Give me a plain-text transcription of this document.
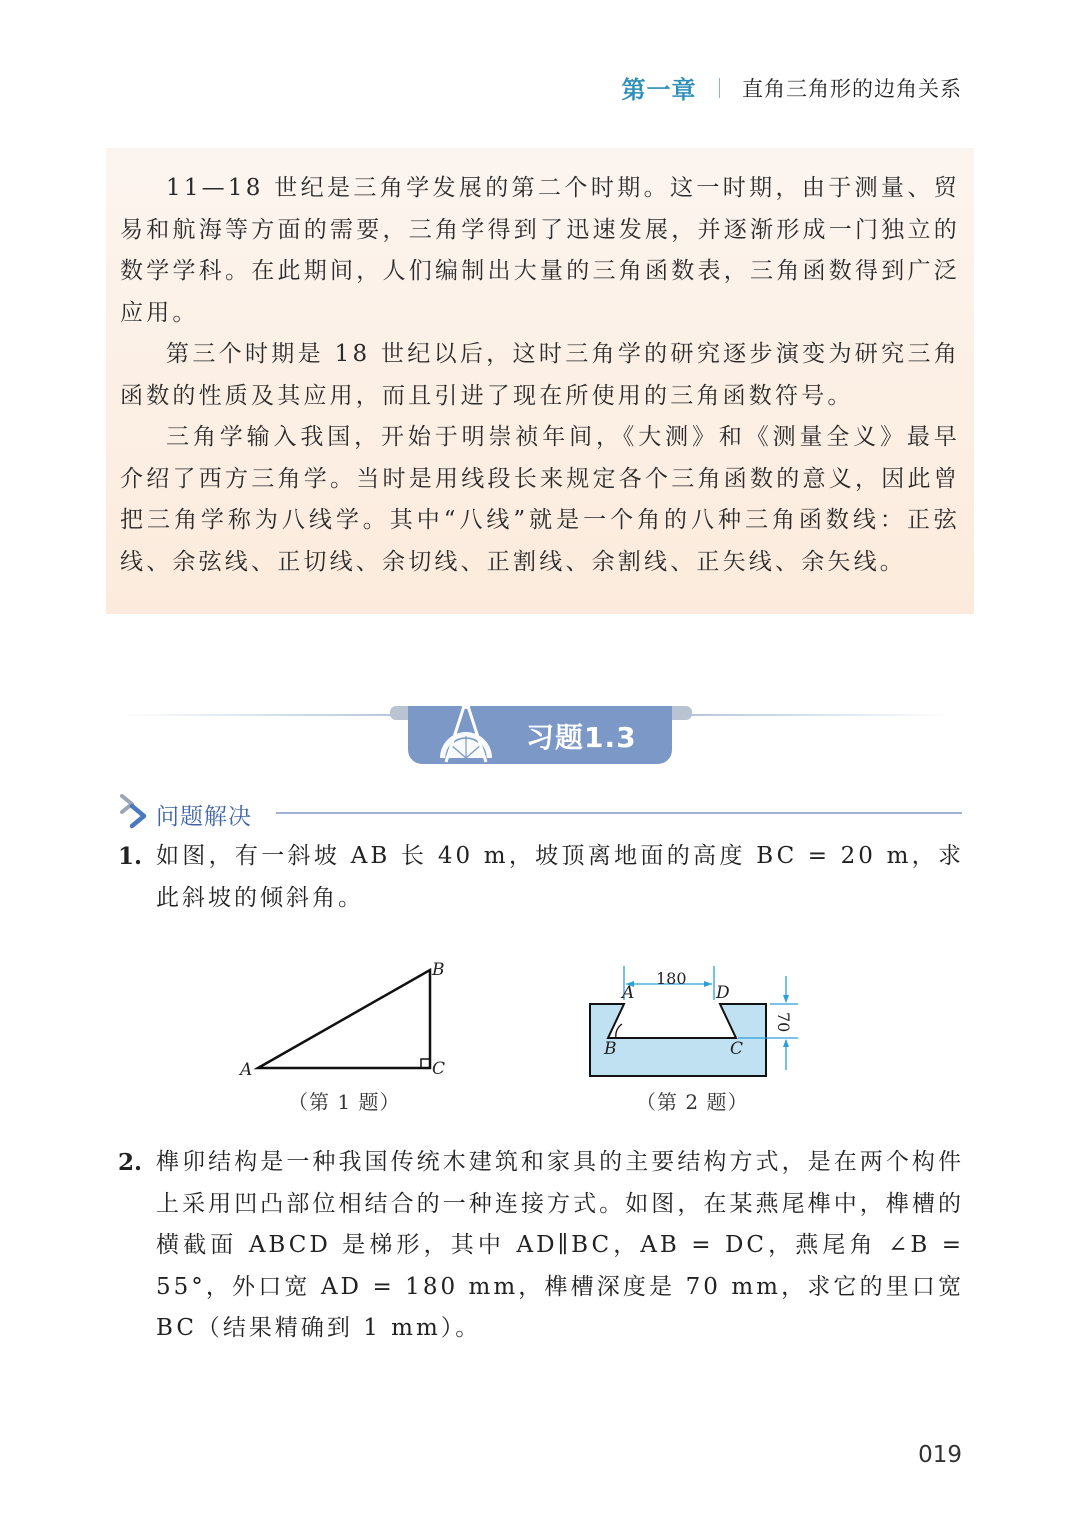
第一章 直角三角形的边角关系

11—18 世纪是三角学发展的第二个时期。这一时期，由于测量、贸易和航海等方面的需要，三角学得到了迅速发展，并逐渐形成一门独立的数学学科。在此期间，人们编制出大量的三角函数表，三角函数得到广泛应用。

第三个时期是 18 世纪以后，这时三角学的研究逐步演变为研究三角函数的性质及其应用，而且引进了现在所使用的三角函数符号。

三角学输入我国，开始于明崇祯年间，《大测》和《测量全义》最早介绍了西方三角学。当时是用线段长来规定各个三角函数的意义，因此曾把三角学称为八线学。其中“八线”就是一个角的八种三角函数线：正弦线、余弦线、正切线、余切线、正割线、余割线、正矢线、余矢线。

习题1.3
问题解决
1. 如图，有一斜坡 AB 长 40 m，坡顶离地面的高度 BC = 20 m，求此斜坡的倾斜角。
A
B
C
（第 1 题）
180
70
A	D
B	C
（第 2 题）
2. 榫卯结构是一种我国传统木建筑和家具的主要结构方式，是在两个构件上采用凹凸部位相结合的一种连接方式。如图，在某燕尾榫中，榫槽的横截面 ABCD 是梯形，其中 AD∥BC，AB = DC，燕尾角 ∠B = 55°，外口宽 AD = 180 mm，榫槽深度是 70 mm，求它的里口宽 BC（结果精确到 1 mm）。
019
